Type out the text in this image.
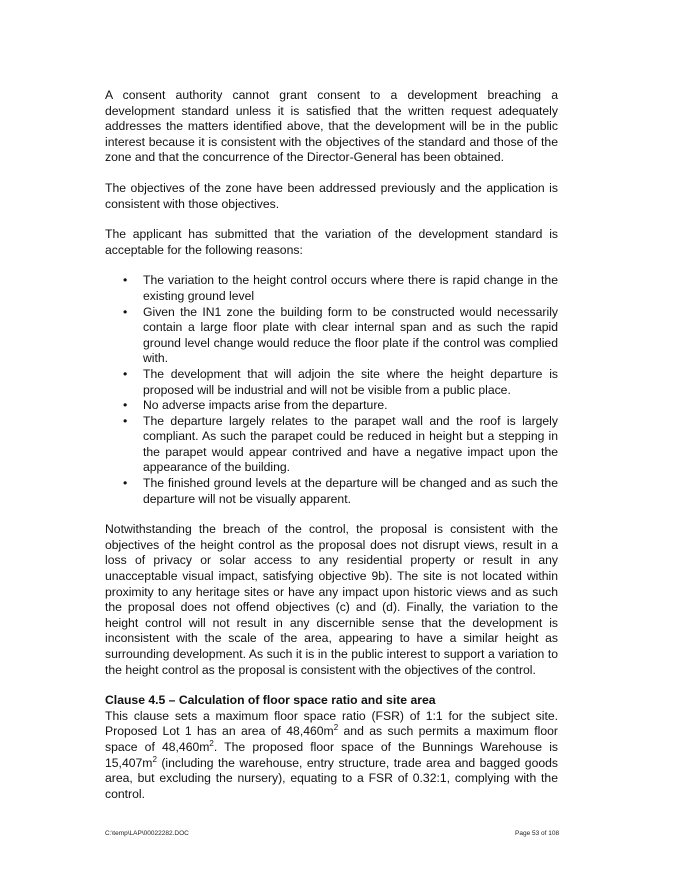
A consent authority cannot grant consent to a development breaching a development standard unless it is satisfied that the written request adequately addresses the matters identified above, that the development will be in the public interest because it is consistent with the objectives of the standard and those of the zone and that the concurrence of the Director-General has been obtained.

The objectives of the zone have been addressed previously and the application is consistent with those objectives.

The applicant has submitted that the variation of the development standard is acceptable for the following reasons:

• The variation to the height control occurs where there is rapid change in the existing ground level
• Given the IN1 zone the building form to be constructed would necessarily contain a large floor plate with clear internal span and as such the rapid ground level change would reduce the floor plate if the control was complied with.
• The development that will adjoin the site where the height departure is proposed will be industrial and will not be visible from a public place.
• No adverse impacts arise from the departure.
• The departure largely relates to the parapet wall and the roof is largely compliant. As such the parapet could be reduced in height but a stepping in the parapet would appear contrived and have a negative impact upon the appearance of the building.
• The finished ground levels at the departure will be changed and as such the departure will not be visually apparent.

Notwithstanding the breach of the control, the proposal is consistent with the objectives of the height control as the proposal does not disrupt views, result in a loss of privacy or solar access to any residential property or result in any unacceptable visual impact, satisfying objective 9b). The site is not located within proximity to any heritage sites or have any impact upon historic views and as such the proposal does not offend objectives (c) and (d). Finally, the variation to the height control will not result in any discernible sense that the development is inconsistent with the scale of the area, appearing to have a similar height as surrounding development. As such it is in the public interest to support a variation to the height control as the proposal is consistent with the objectives of the control.

Clause 4.5 – Calculation of floor space ratio and site area

This clause sets a maximum floor space ratio (FSR) of 1:1 for the subject site. Proposed Lot 1 has an area of $48,460m^2$ and as such permits a maximum floor space of $48,460m^2$. The proposed floor space of the Bunnings Warehouse is $15,407m^2$ (including the warehouse, entry structure, trade area and bagged goods area, but excluding the nursery), equating to a FSR of 0.32:1, complying with the control.

C:\temp\LAP\00022282.DOC	Page 53 of 108
